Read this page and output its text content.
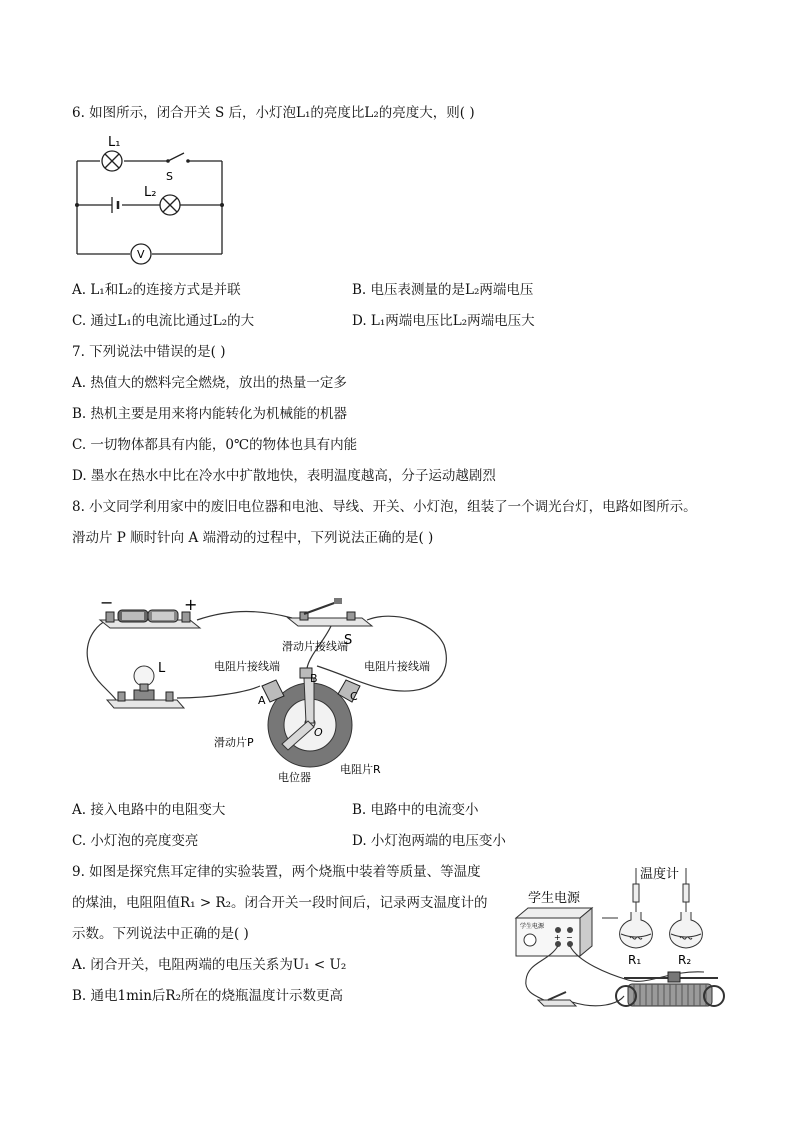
6. 如图所示，闭合开关 S 后，小灯泡L₁的亮度比L₂的亮度大，则( )
L₁
S
L₂
V
A. L₁和L₂的连接方式是并联	B. 电压表测量的是L₂两端电压
C. 通过L₁的电流比通过L₂的大	D. L₁两端电压比L₂两端电压大
7. 下列说法中错误的是( )
A. 热值大的燃料完全燃烧，放出的热量一定多
B. 热机主要是用来将内能转化为机械能的机器
C. 一切物体都具有内能，0℃的物体也具有内能
D. 墨水在热水中比在冷水中扩散地快，表明温度越高，分子运动越剧烈
8. 小文同学利用家中的废旧电位器和电池、导线、开关、小灯泡，组装了一个调光台灯，电路如图所示。
滑动片 P 顺时针向 A 端滑动的过程中，下列说法正确的是( )
−	+
S
滑动片接线端
L	电阻片接线端	电阻片接线端
A
B
C
O
滑动片P
电位器
电阻片R
A. 接入电路中的电阻变大	B. 电路中的电流变小
C. 小灯泡的亮度变亮	D. 小灯泡两端的电压变小
9. 如图是探究焦耳定律的实验装置，两个烧瓶中装着等质量、等温度
的煤油，电阻阻值R₁ > R₂。闭合开关一段时间后，记录两支温度计的
示数。下列说法中正确的是( )
A. 闭合开关，电阻两端的电压关系为U₁ < U₂
B. 通电1min后R₂所在的烧瓶温度计示数更高
学生电源
温度计
学生电源
+ −
R₁	R₂
